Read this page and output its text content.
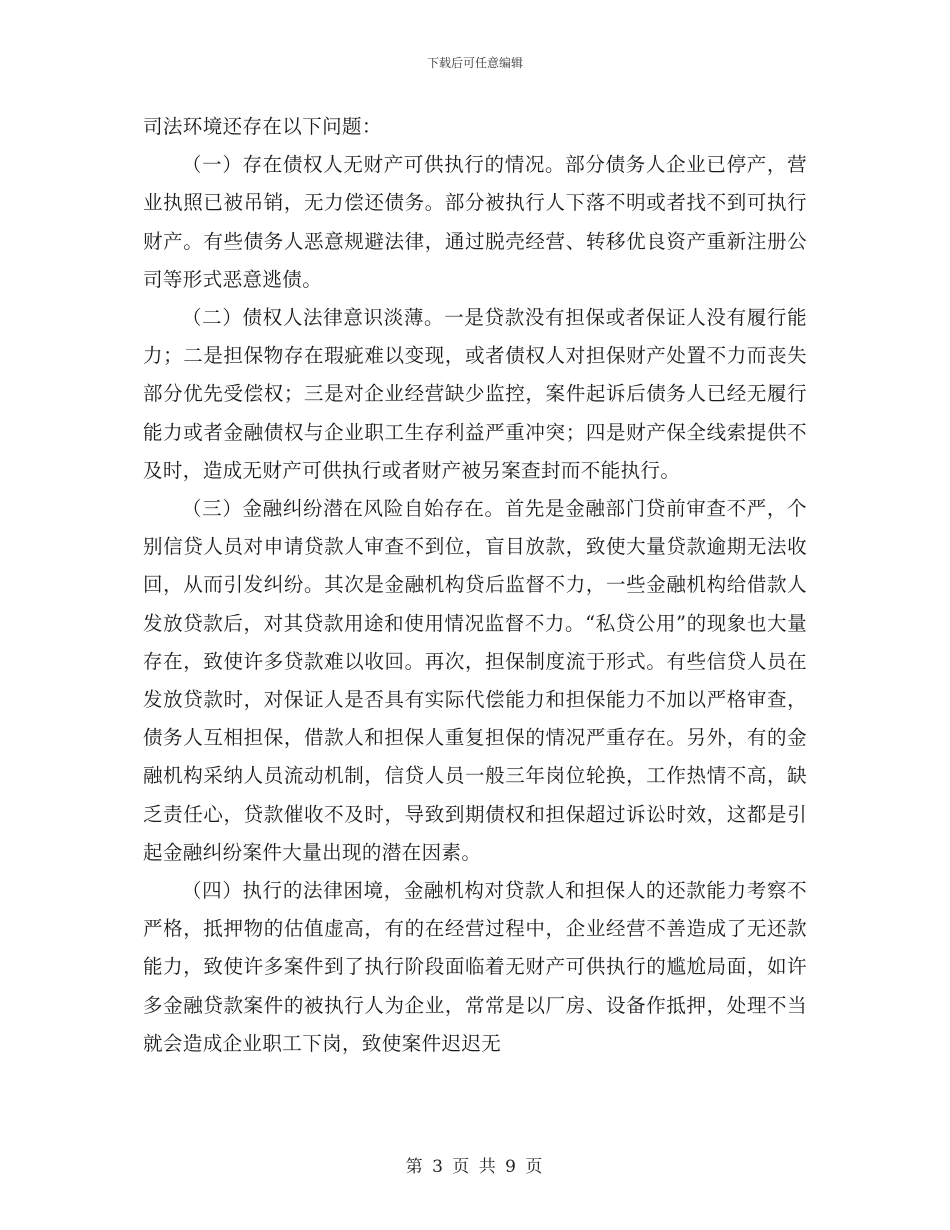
下载后可任意编辑

司法环境还存在以下问题：

（一）存在债权人无财产可供执行的情况。部分债务人企业已停产，营业执照已被吊销，无力偿还债务。部分被执行人下落不明或者找不到可执行财产。有些债务人恶意规避法律，通过脱壳经营、转移优良资产重新注册公司等形式恶意逃债。

（二）债权人法律意识淡薄。一是贷款没有担保或者保证人没有履行能力；二是担保物存在瑕疵难以变现，或者债权人对担保财产处置不力而丧失部分优先受偿权；三是对企业经营缺少监控，案件起诉后债务人已经无履行能力或者金融债权与企业职工生存利益严重冲突；四是财产保全线索提供不及时，造成无财产可供执行或者财产被另案查封而不能执行。

（三）金融纠纷潜在风险自始存在。首先是金融部门贷前审查不严，个别信贷人员对申请贷款人审查不到位，盲目放款，致使大量贷款逾期无法收回，从而引发纠纷。其次是金融机构贷后监督不力，一些金融机构给借款人发放贷款后，对其贷款用途和使用情况监督不力。“私贷公用”的现象也大量存在，致使许多贷款难以收回。再次，担保制度流于形式。有些信贷人员在发放贷款时，对保证人是否具有实际代偿能力和担保能力不加以严格审查，债务人互相担保，借款人和担保人重复担保的情况严重存在。另外，有的金融机构采纳人员流动机制，信贷人员一般三年岗位轮换，工作热情不高，缺乏责任心，贷款催收不及时，导致到期债权和担保超过诉讼时效，这都是引起金融纠纷案件大量出现的潜在因素。

（四）执行的法律困境，金融机构对贷款人和担保人的还款能力考察不严格，抵押物的估值虚高，有的在经营过程中，企业经营不善造成了无还款能力，致使许多案件到了执行阶段面临着无财产可供执行的尴尬局面，如许多金融贷款案件的被执行人为企业，常常是以厂房、设备作抵押，处理不当就会造成企业职工下岗，致使案件迟迟无

第 3 页 共 9 页
